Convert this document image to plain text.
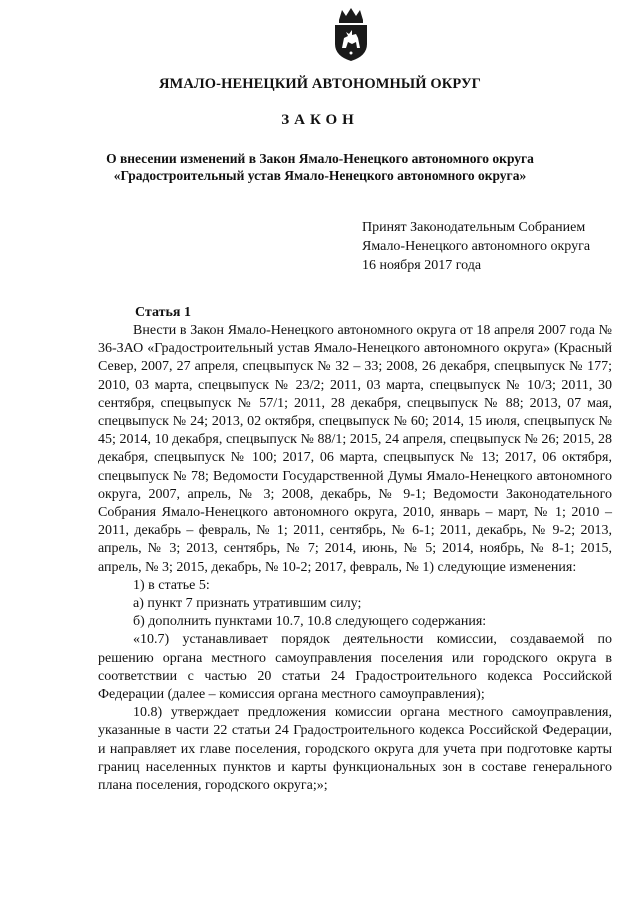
ЯМАЛО-НЕНЕЦКИЙ АВТОНОМНЫЙ ОКРУГ
ЗАКОН
О внесении изменений в Закон Ямало-Ненецкого автономного округа
«Градостроительный устав Ямало-Ненецкого автономного округа»
Принят Законодательным Собранием
Ямало-Ненецкого автономного округа
16 ноября 2017 года
Статья 1

Внести в Закон Ямало-Ненецкого автономного округа от 18 апреля 2007 года № 36-ЗАО «Градостроительный устав Ямало-Ненецкого автономного округа» (Красный Север, 2007, 27 апреля, спецвыпуск № 32 – 33; 2008, 26 декабря, спецвыпуск № 177; 2010, 03 марта, спецвыпуск № 23/2; 2011, 03 марта, спецвыпуск № 10/3; 2011, 30 сентября, спецвыпуск № 57/1; 2011, 28 декабря, спецвыпуск № 88; 2013, 07 мая, спецвыпуск № 24; 2013, 02 октября, спецвыпуск № 60; 2014, 15 июля, спецвыпуск № 45; 2014, 10 декабря, спецвыпуск № 88/1; 2015, 24 апреля, спецвыпуск № 26; 2015, 28 декабря, спецвыпуск № 100; 2017, 06 марта, спецвыпуск № 13; 2017, 06 октября, спецвыпуск № 78; Ведомости Государственной Думы Ямало-Ненецкого автономного округа, 2007, апрель, № 3; 2008, декабрь, № 9-1; Ведомости Законодательного Собрания Ямало-Ненецкого автономного округа, 2010, январь – март, № 1; 2010 – 2011, декабрь – февраль, № 1; 2011, сентябрь, № 6-1; 2011, декабрь, № 9-2; 2013, апрель, № 3; 2013, сентябрь, № 7; 2014, июнь, № 5; 2014, ноябрь, № 8-1; 2015, апрель, № 3; 2015, декабрь, № 10-2; 2017, февраль, № 1) следующие изменения:

1) в статье 5:

а) пункт 7 признать утратившим силу;

б) дополнить пунктами 10.7, 10.8 следующего содержания:

«10.7) устанавливает порядок деятельности комиссии, создаваемой по решению органа местного самоуправления поселения или городского округа в соответствии с частью 20 статьи 24 Градостроительного кодекса Российской Федерации (далее – комиссия органа местного самоуправления);

10.8) утверждает предложения комиссии органа местного самоуправления, указанные в части 22 статьи 24 Градостроительного кодекса Российской Федерации, и направляет их главе поселения, городского округа для учета при подготовке карты границ населенных пунктов и карты функциональных зон в составе генерального плана поселения, городского округа;»;
